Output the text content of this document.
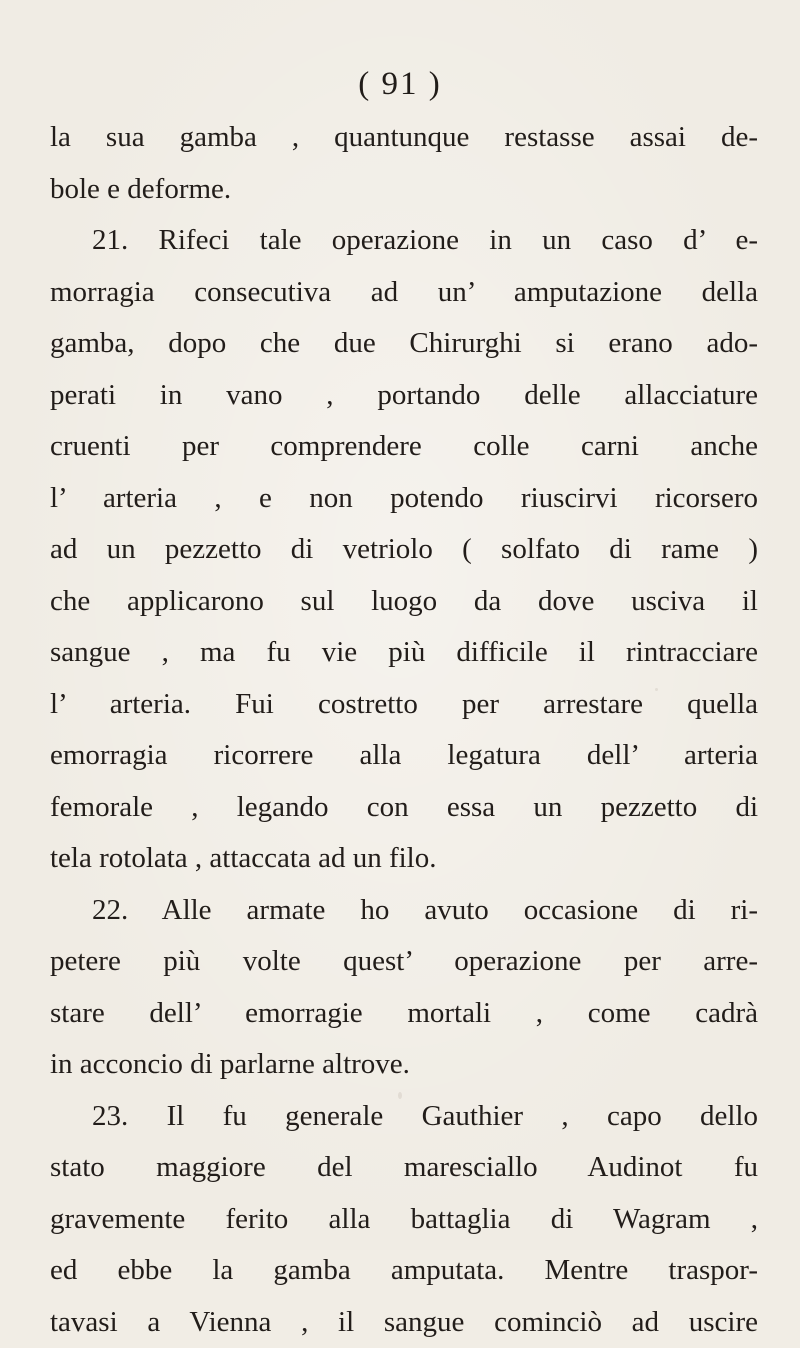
( 91 )
la sua gamba , quantunque restasse assai de-
bole e deforme.
21. Rifeci tale operazione in un caso d’ e-
morragia consecutiva ad un’ amputazione della
gamba, dopo che due Chirurghi si erano ado-
perati in vano , portando delle allacciature
cruenti per comprendere colle carni anche
l’ arteria , e non potendo riuscirvi ricorsero
ad un pezzetto di vetriolo ( solfato di rame )
che applicarono sul luogo da dove usciva il
sangue , ma fu vie più difficile il rintracciare
l’ arteria. Fui costretto per arrestare quella
emorragia ricorrere alla legatura dell’ arteria
femorale , legando con essa un pezzetto di
tela rotolata , attaccata ad un filo.
22. Alle armate ho avuto occasione di ri-
petere più volte quest’ operazione per arre-
stare dell’ emorragie mortali , come cadrà
in acconcio di parlarne altrove.
23. Il fu generale Gauthier , capo dello
stato maggiore del maresciallo Audinot fu
gravemente ferito alla battaglia di Wagram ,
ed ebbe la gamba amputata. Mentre traspor-
tavasi a Vienna , il sangue cominciò ad uscire
